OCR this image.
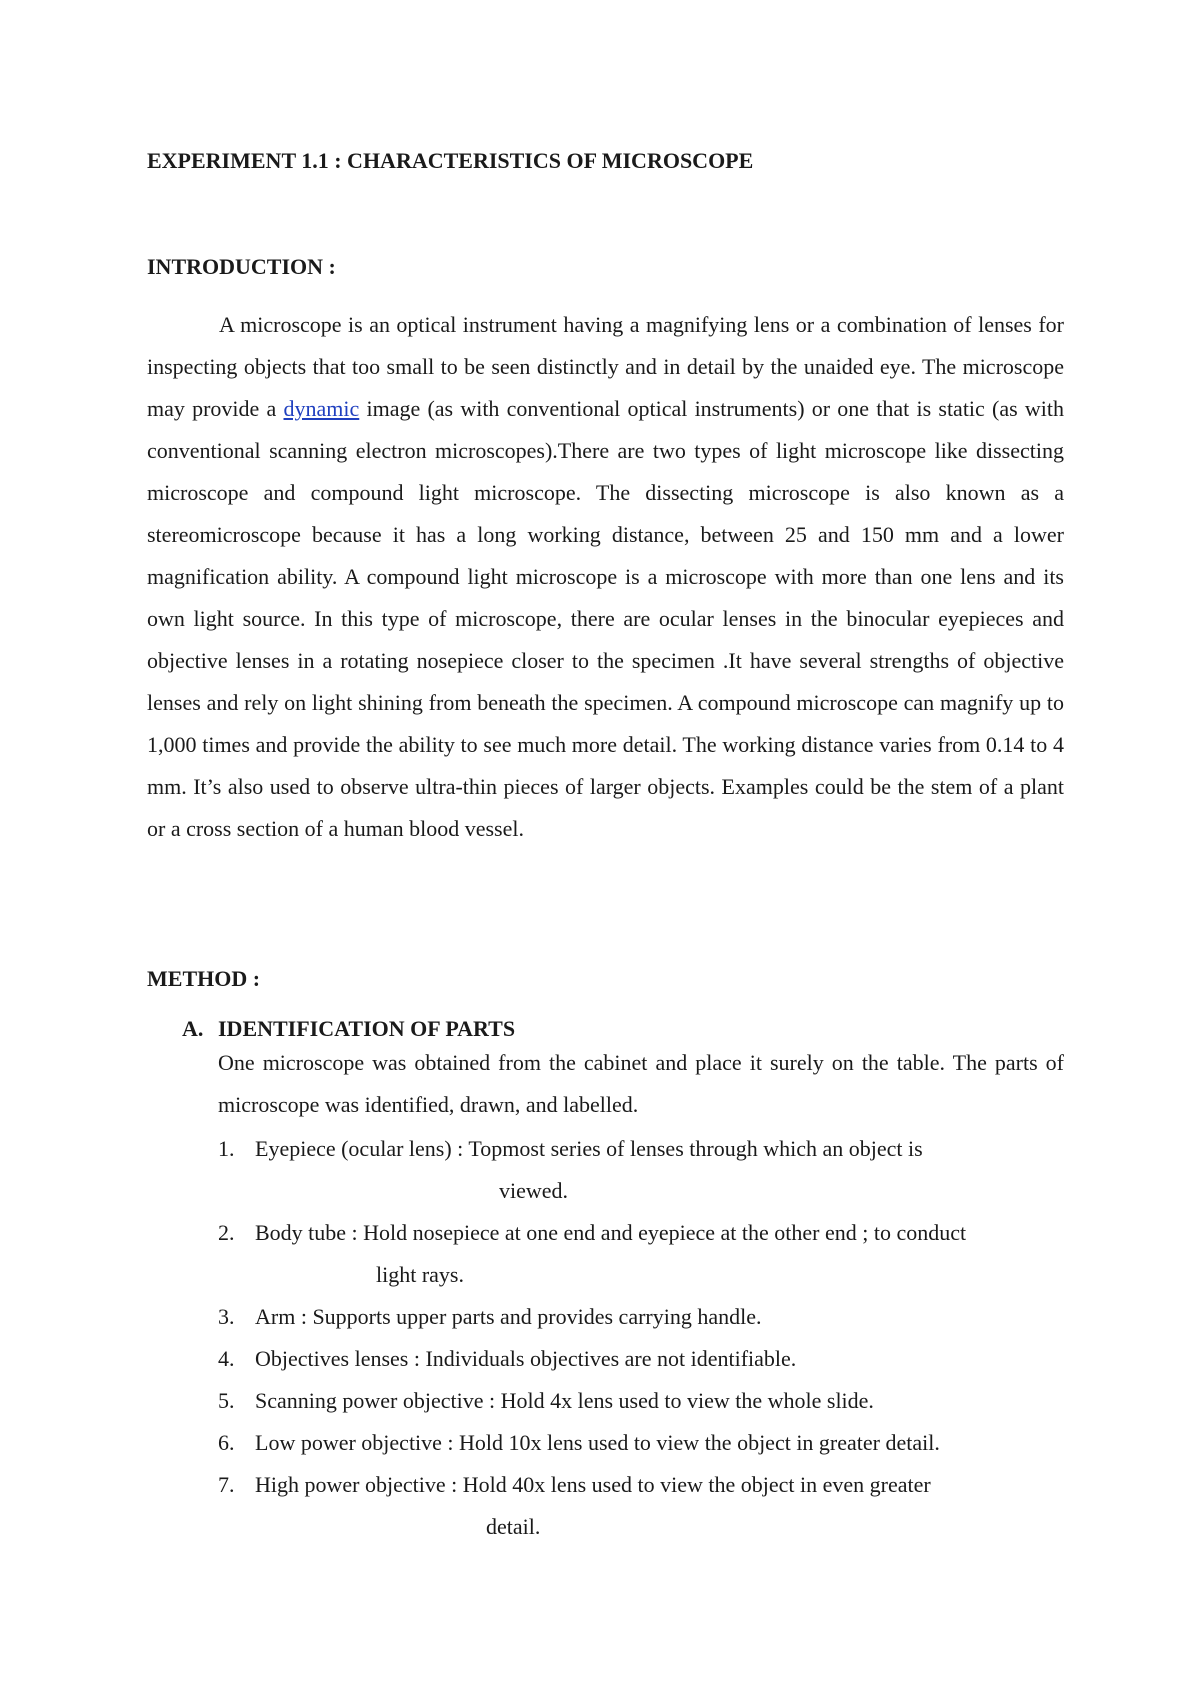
EXPERIMENT 1.1 : CHARACTERISTICS OF MICROSCOPE
INTRODUCTION :

A microscope is an optical instrument having a magnifying lens or a combination of lenses for inspecting objects that too small to be seen distinctly and in detail by the unaided eye. The microscope may provide a dynamic image (as with conventional optical instruments) or one that is static (as with conventional scanning electron microscopes).There are two types of light microscope like dissecting microscope and compound light microscope. The dissecting microscope is also known as a stereomicroscope because it has a long working distance, between 25 and 150 mm and a lower magnification ability. A compound light microscope is a microscope with more than one lens and its own light source. In this type of microscope, there are ocular lenses in the binocular eyepieces and objective lenses in a rotating nosepiece closer to the specimen .It have several strengths of objective lenses and rely on light shining from beneath the specimen. A compound microscope can magnify up to 1,000 times and provide the ability to see much more detail. The working distance varies from 0.14 to 4 mm. It’s also used to observe ultra-thin pieces of larger objects. Examples could be the stem of a plant or a cross section of a human blood vessel.

METHOD :
A. IDENTIFICATION OF PARTS

One microscope was obtained from the cabinet and place it surely on the table. The parts of microscope was identified, drawn, and labelled.

1. Eyepiece (ocular lens) : Topmost series of lenses through which an object is
viewed.
2. Body tube : Hold nosepiece at one end and eyepiece at the other end ; to conduct
light rays.
3. Arm : Supports upper parts and provides carrying handle.
4. Objectives lenses : Individuals objectives are not identifiable.
5. Scanning power objective : Hold 4x lens used to view the whole slide.
6. Low power objective : Hold 10x lens used to view the object in greater detail.
7. High power objective : Hold 40x lens used to view the object in even greater
detail.
